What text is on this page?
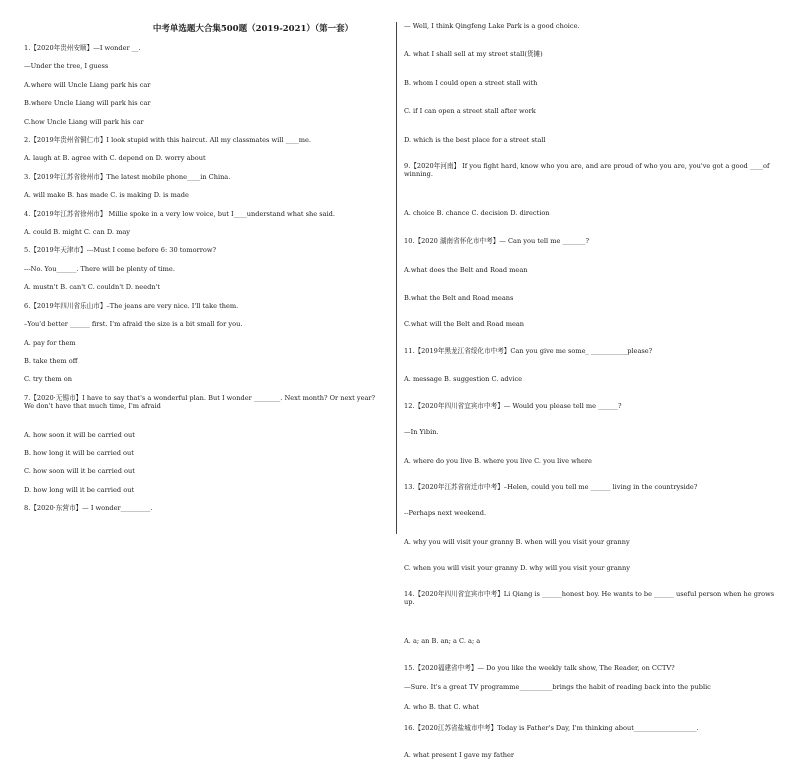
中考单选题大合集500题（2019-2021）（第一套）
1.【2020年贵州安顺】—I wonder __.
—Under the tree, I guess
A.where will Uncle Liang park his car
B.where Uncle Liang will park his car
C.how Uncle Liang will park his car
2.【2019年贵州省铜仁市】I look stupid with this haircut. All my classmates will ____me.
A. laugh at B. agree with C. depend on D. worry about
3.【2019年江苏省徐州市】The latest mobile phone____in China.
A. will make B. has made C. is making D. is made
4.【2019年江苏省徐州市】 Millie spoke in a very low voice, but I____understand what she said.
A. could B. might C. can D. may
5.【2019年天津市】---Must I come before 6: 30 tomorrow?
---No. You______. There will be plenty of time.
A. mustn't B. can't C. couldn't D. needn't
6.【2019年四川省乐山市】–The jeans are very nice. I'll take them.
–You'd better ______ first. I'm afraid the size is a bit small for you.
A. pay for them
B. take them off
C. try them on
7.【2020·无锡市】I have to say that's a wonderful plan. But I wonder ________. Next month? Or next year? We don't have that much time, I'm afraid
A. how soon it will be carried out
B. how long it will be carried out
C. how soon will it be carried out
D. how long will it be carried out
8.【2020·东营市】— I wonder_________.
— Well, I think Qingfeng Lake Park is a good choice.
A. what I shall sell at my street stall(货摊)
B. whom I could open a street stall with
C. if I can open a street stall after work
D. which is the best place for a street stall
9.【2020年河南】 If you fight hard, know who you are, and are proud of who you are, you've got a good ____of winning.
A. choice B. chance C. decision D. direction
10.【2020 湖南省怀化市中考】— Can you tell me _______?
A.what does the Belt and Road mean
B.what the Belt and Road means
C.what will the Belt and Road mean
11.【2019年黑龙江省绥化市中考】Can you give me some_ ___________please?
A. message B. suggestion C. advice
12.【2020年四川省宜宾市中考】— Would you please tell me ______?
—In Yibin.
A. where do you live B. where you live C. you live where
13.【2020年江苏省宿迁市中考】–Helen, could you tell me ______ living in the countryside?
--Perhaps next weekend.
A. why you will visit your granny B. when will you visit your granny
C. when you will visit your granny D. why will you visit your granny
14.【2020年四川省宜宾市中考】Li Qiang is ______honest boy. He wants to be ______ useful person when he grows up.
A. a; an B. an; a C. a; a
15.【2020福建省中考】— Do you like the weekly talk show, The Reader, on CCTV?
—Sure. It's a great TV programme__________brings the habit of reading back into the public
A. who B. that C. what
16.【2020江苏省盐城市中考】Today is Father's Day, I'm thinking about___________________.
A. what present I gave my father
